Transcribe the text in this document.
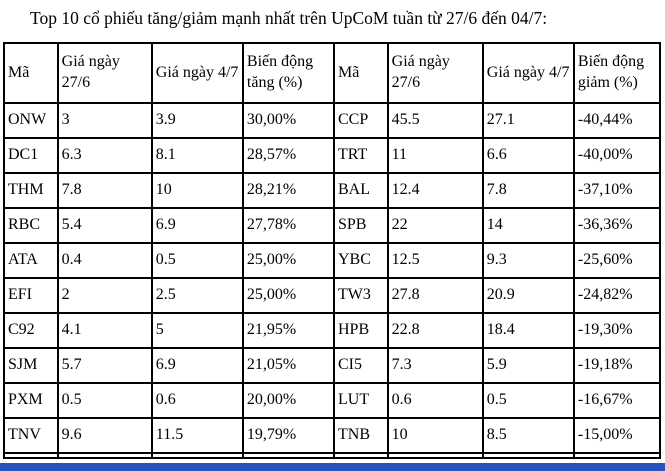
Top 10 cổ phiếu tăng/giảm mạnh nhất trên UpCoM tuần từ 27/6 đến 04/7:
Mã	Giá ngày 27/6	Giá ngày 4/7	Biến động tăng (%)	Mã	Giá ngày 27/6	Giá ngày 4/7	Biến động giảm (%)
ONW	3	3.9	30,00%	CCP	45.5	27.1	-40,44%
DC1	6.3	8.1	28,57%	TRT	11	6.6	-40,00%
THM	7.8	10	28,21%	BAL	12.4	7.8	-37,10%
RBC	5.4	6.9	27,78%	SPB	22	14	-36,36%
ATA	0.4	0.5	25,00%	YBC	12.5	9.3	-25,60%
EFI	2	2.5	25,00%	TW3	27.8	20.9	-24,82%
C92	4.1	5	21,95%	HPB	22.8	18.4	-19,30%
SJM	5.7	6.9	21,05%	CI5	7.3	5.9	-19,18%
PXM	0.5	0.6	20,00%	LUT	0.6	0.5	-16,67%
TNV	9.6	11.5	19,79%	TNB	10	8.5	-15,00%
